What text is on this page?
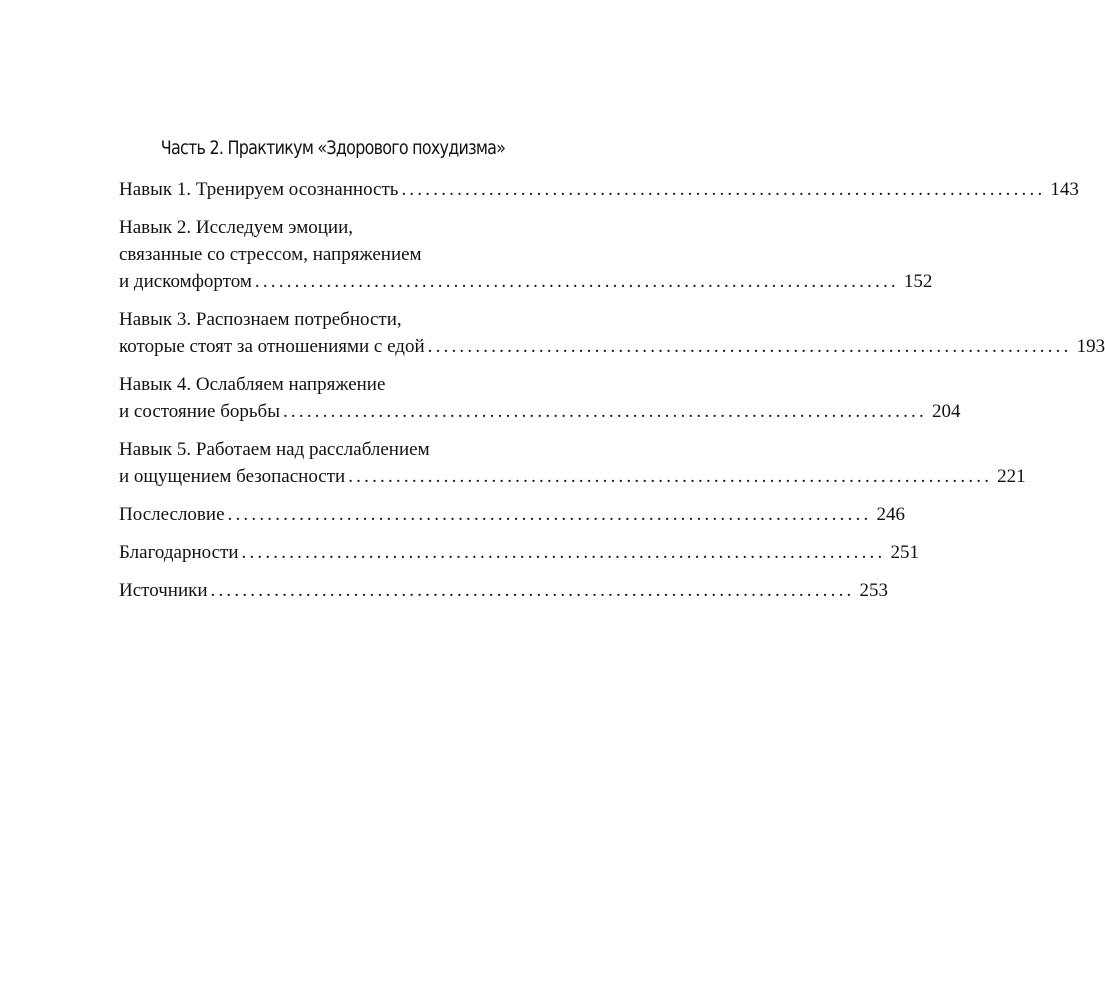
Часть 2. Практикум «Здорового похудизма»
Навык 1. Тренируем осознанность ................................................................................. 143
Навык 2. Исследуем эмоции,
связанные со стрессом, напряжением
и дискомфортом ................................................................................. 152
Навык 3. Распознаем потребности,
которые стоят за отношениями с едой ................................................................................. 193
Навык 4. Ослабляем напряжение
и состояние борьбы ................................................................................. 204
Навык 5. Работаем над расслаблением
и ощущением безопасности ................................................................................. 221
Послесловие ................................................................................. 246
Благодарности ................................................................................. 251
Источники ................................................................................. 253
